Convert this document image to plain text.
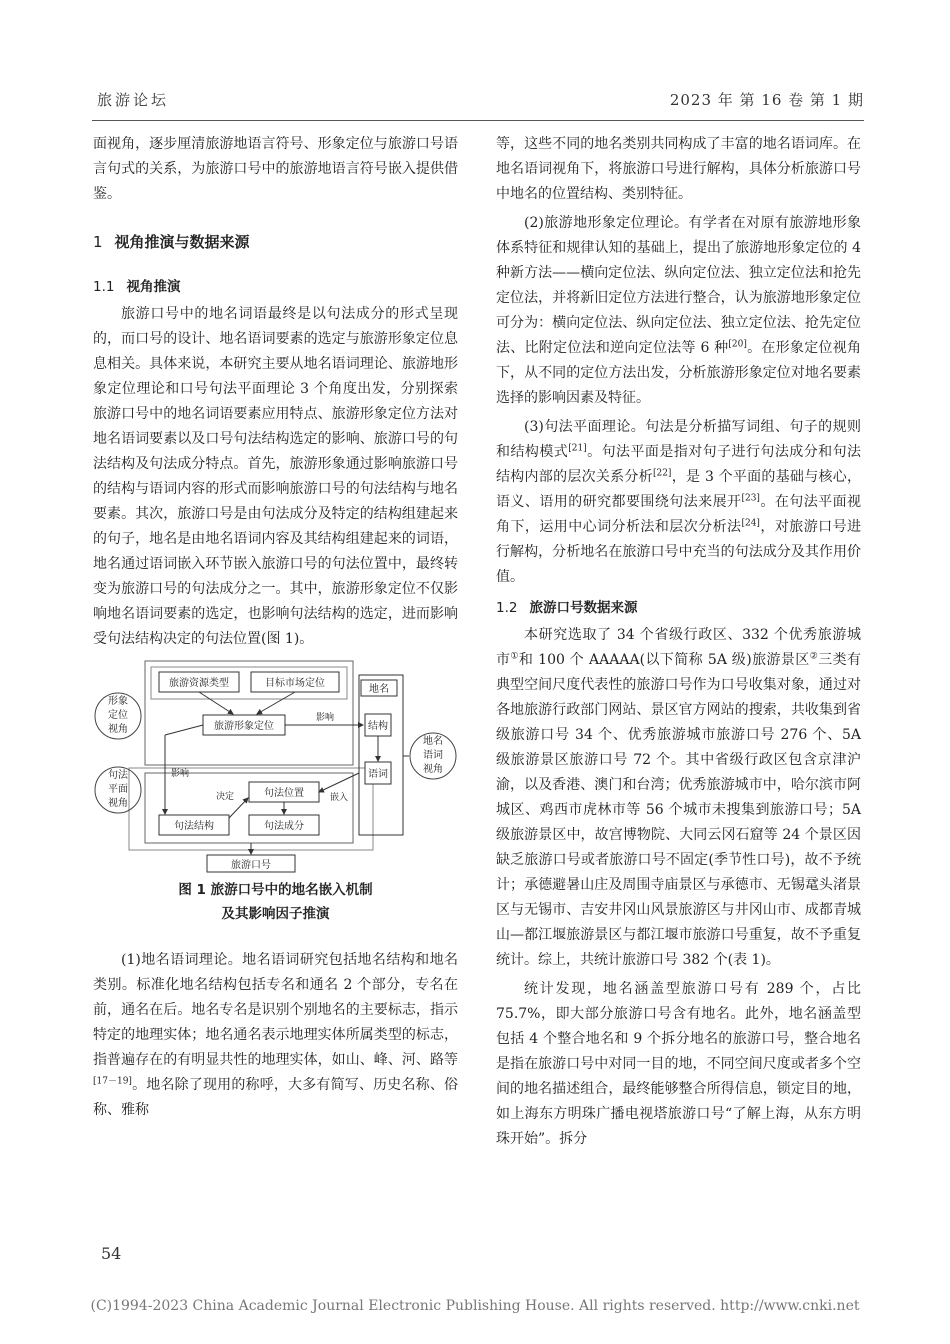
旅游论坛	2023 年 第 16 卷 第 1 期

面视角，逐步厘清旅游地语言符号、形象定位与旅游口号语言句式的关系，为旅游口号中的旅游地语言符号嵌入提供借鉴。

1 视角推演与数据来源
1.1 视角推演

旅游口号中的地名词语最终是以句法成分的形式呈现的，而口号的设计、地名语词要素的选定与旅游形象定位息息相关。具体来说，本研究主要从地名语词理论、旅游地形象定位理论和口号句法平面理论 3 个角度出发，分别探索旅游口号中的地名词语要素应用特点、旅游形象定位方法对地名语词要素以及口号句法结构选定的影响、旅游口号的句法结构及句法成分特点。首先，旅游形象通过影响旅游口号的结构与语词内容的形式而影响旅游口号的句法结构与地名要素。其次，旅游口号是由句法成分及特定的结构组建起来的句子，地名是由地名语词内容及其结构组建起来的词语，地名通过语词嵌入环节嵌入旅游口号的句法位置中，最终转变为旅游口号的句法成分之一。其中，旅游形象定位不仅影响地名语词要素的选定，也影响句法结构的选定，进而影响受句法结构决定的句法位置(图 1)。

形象
定位
视角
句法
平面
视角
地名
语词
视角
旅游资源类型	目标市场定位
旅游形象定位
地名
结构
语词
影响
句法位置
句法结构	句法成分
决定
影响
嵌入
旅游口号
图 1 旅游口号中的地名嵌入机制
及其影响因子推演

(1)地名语词理论。地名语词研究包括地名结构和地名类别。标准化地名结构包括专名和通名 2 个部分，专名在前，通名在后。地名专名是识别个别地名的主要标志，指示特定的地理实体；地名通名表示地理实体所属类型的标志，指普遍存在的有明显共性的地理实体，如山、峰、河、路等[17－19]。地名除了现用的称呼，大多有简写、历史名称、俗称、雅称

等，这些不同的地名类别共同构成了丰富的地名语词库。在地名语词视角下，将旅游口号进行解构，具体分析旅游口号中地名的位置结构、类别特征。

(2)旅游地形象定位理论。有学者在对原有旅游地形象体系特征和规律认知的基础上，提出了旅游地形象定位的 4 种新方法——横向定位法、纵向定位法、独立定位法和抢先定位法，并将新旧定位方法进行整合，认为旅游地形象定位可分为：横向定位法、纵向定位法、独立定位法、抢先定位法、比附定位法和逆向定位法等 6 种[20]。在形象定位视角下，从不同的定位方法出发，分析旅游形象定位对地名要素选择的影响因素及特征。

(3)句法平面理论。句法是分析描写词组、句子的规则和结构模式[21]。句法平面是指对句子进行句法成分和句法结构内部的层次关系分析[22]，是 3 个平面的基础与核心，语义、语用的研究都要围绕句法来展开[23]。在句法平面视角下，运用中心词分析法和层次分析法[24]，对旅游口号进行解构，分析地名在旅游口号中充当的句法成分及其作用价值。

1.2 旅游口号数据来源

本研究选取了 34 个省级行政区、332 个优秀旅游城市①和 100 个 AAAAA(以下简称 5A 级)旅游景区②三类有典型空间尺度代表性的旅游口号作为口号收集对象，通过对各地旅游行政部门网站、景区官方网站的搜索，共收集到省级旅游口号 34 个、优秀旅游城市旅游口号 276 个、5A 级旅游景区旅游口号 72 个。其中省级行政区包含京津沪渝，以及香港、澳门和台湾；优秀旅游城市中，哈尔滨市阿城区、鸡西市虎林市等 56 个城市未搜集到旅游口号；5A 级旅游景区中，故宫博物院、大同云冈石窟等 24 个景区因缺乏旅游口号或者旅游口号不固定(季节性口号)，故不予统计；承德避暑山庄及周围寺庙景区与承德市、无锡鼋头渚景区与无锡市、吉安井冈山风景旅游区与井冈山市、成都青城山—都江堰旅游景区与都江堰市旅游口号重复，故不予重复统计。综上，共统计旅游口号 382 个(表 1)。

统计发现，地名涵盖型旅游口号有 289 个，占比 75.7%，即大部分旅游口号含有地名。此外，地名涵盖型包括 4 个整合地名和 9 个拆分地名的旅游口号，整合地名是指在旅游口号中对同一目的地，不同空间尺度或者多个空间的地名描述组合，最终能够整合所得信息，锁定目的地，如上海东方明珠广播电视塔旅游口号“了解上海，从东方明珠开始”。拆分

54
(C)1994-2023 China Academic Journal Electronic Publishing House. All rights reserved. http://www.cnki.net
